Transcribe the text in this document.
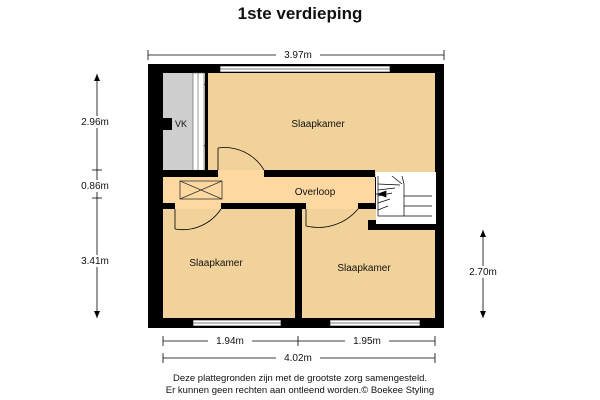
1ste verdieping
Slaapkamer
Slaapkamer	Slaapkamer
Overloop
VK
3.97m
2.96m
0.86m
3.41m
2.70m
1.94m	1.95m
4.02m
Deze plattegronden zijn met de grootste zorg samengesteld.
Er kunnen geen rechten aan ontleend worden.© Boekee Styling
